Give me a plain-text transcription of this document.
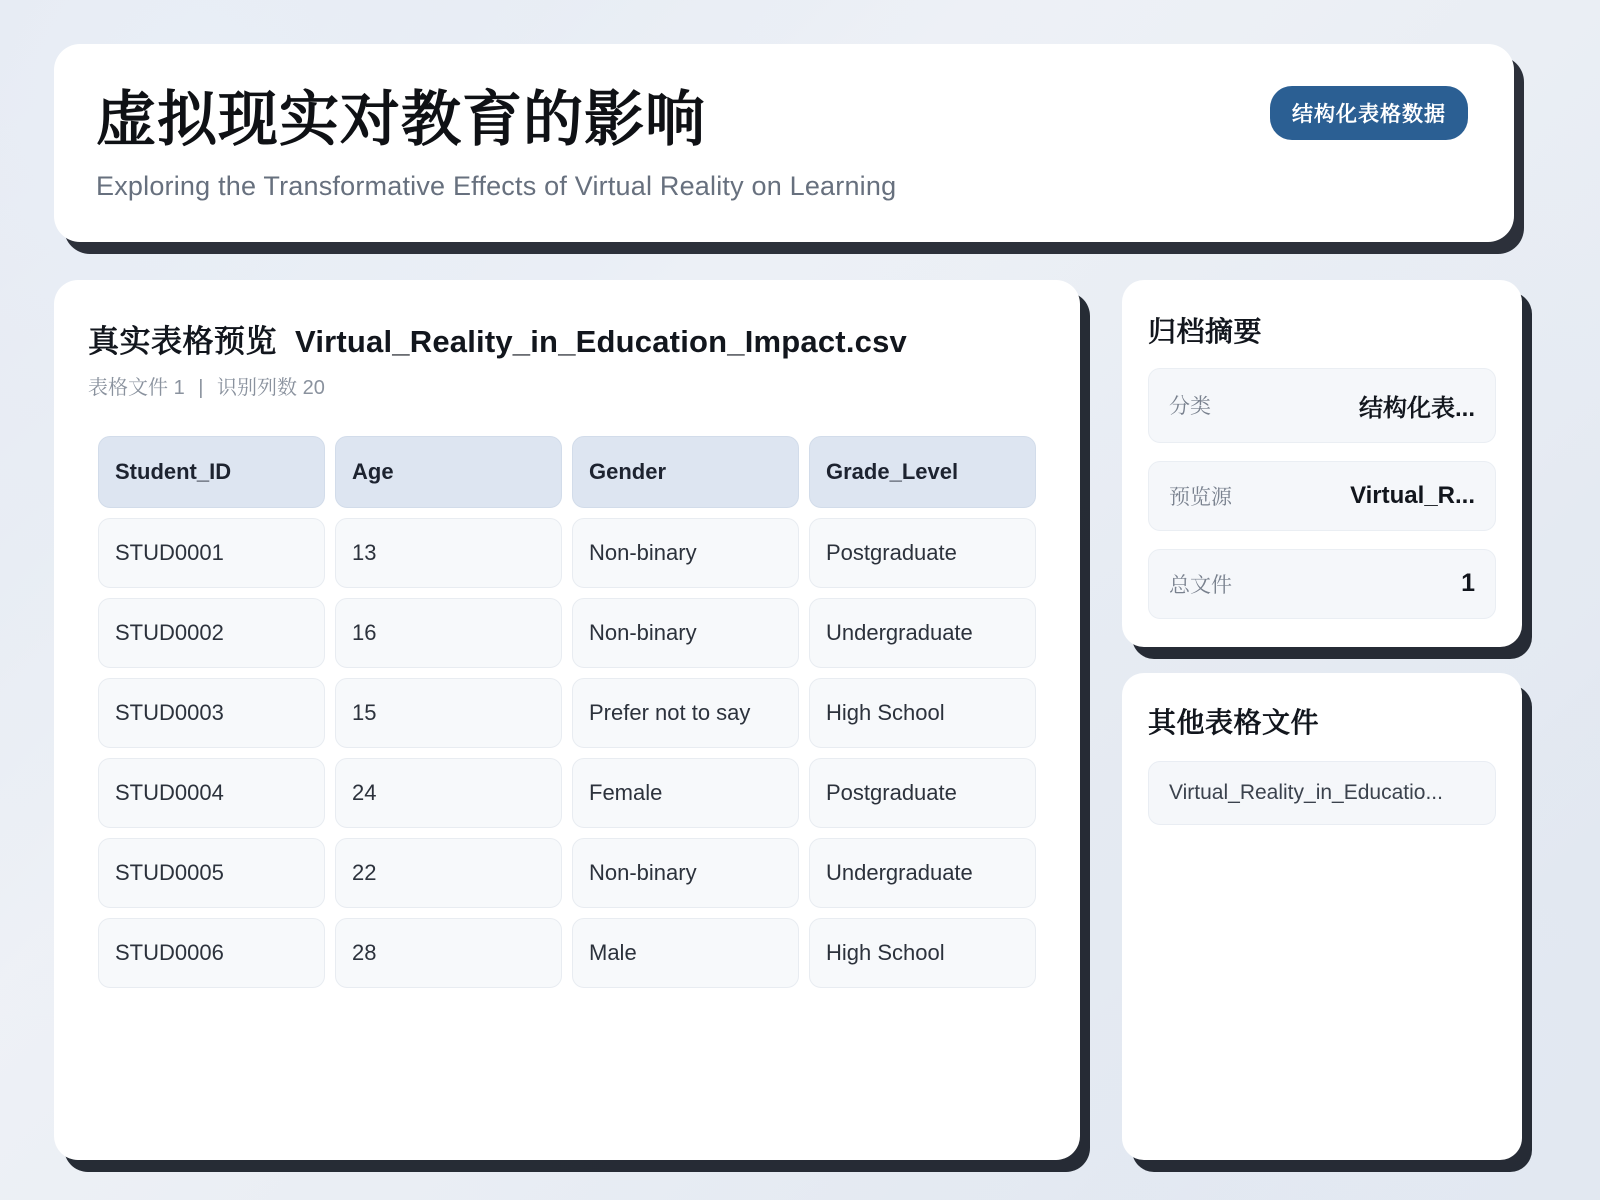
虚拟现实对教育的影响
Exploring the Transformative Effects of Virtual Reality on Learning
结构化表格数据
真实表格预览 Virtual_Reality_in_Education_Impact.csv
表格文件 1 | 识别列数 20
Student_ID	Age	Gender	Grade_Level
STUD0001	13	Non-binary	Postgraduate
STUD0002	16	Non-binary	Undergraduate
STUD0003	15	Prefer not to say	High School
STUD0004	24	Female	Postgraduate
STUD0005	22	Non-binary	Undergraduate
STUD0006	28	Male	High School
归档摘要
分类	结构化表...
预览源	Virtual_R...
总文件	1
其他表格文件
Virtual_Reality_in_Educatio...
